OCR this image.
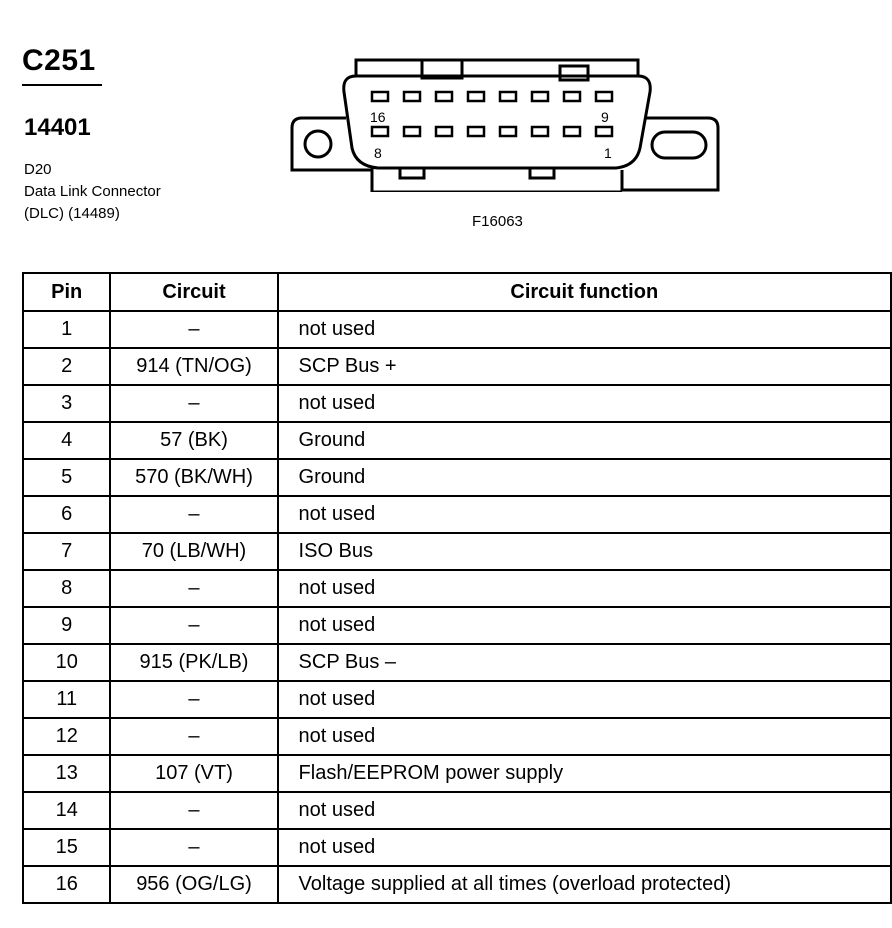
C251
14401
D20
Data Link Connector
(DLC) (14489)
16	9
8	1
F16063
Pin	Circuit	Circuit function
1	–	not used
2	914 (TN/OG)	SCP Bus +
3	–	not used
4	57 (BK)	Ground
5	570 (BK/WH)	Ground
6	–	not used
7	70 (LB/WH)	ISO Bus
8	–	not used
9	–	not used
10	915 (PK/LB)	SCP Bus –
11	–	not used
12	–	not used
13	107 (VT)	Flash/EEPROM power supply
14	–	not used
15	–	not used
16	956 (OG/LG)	Voltage supplied at all times (overload protected)
